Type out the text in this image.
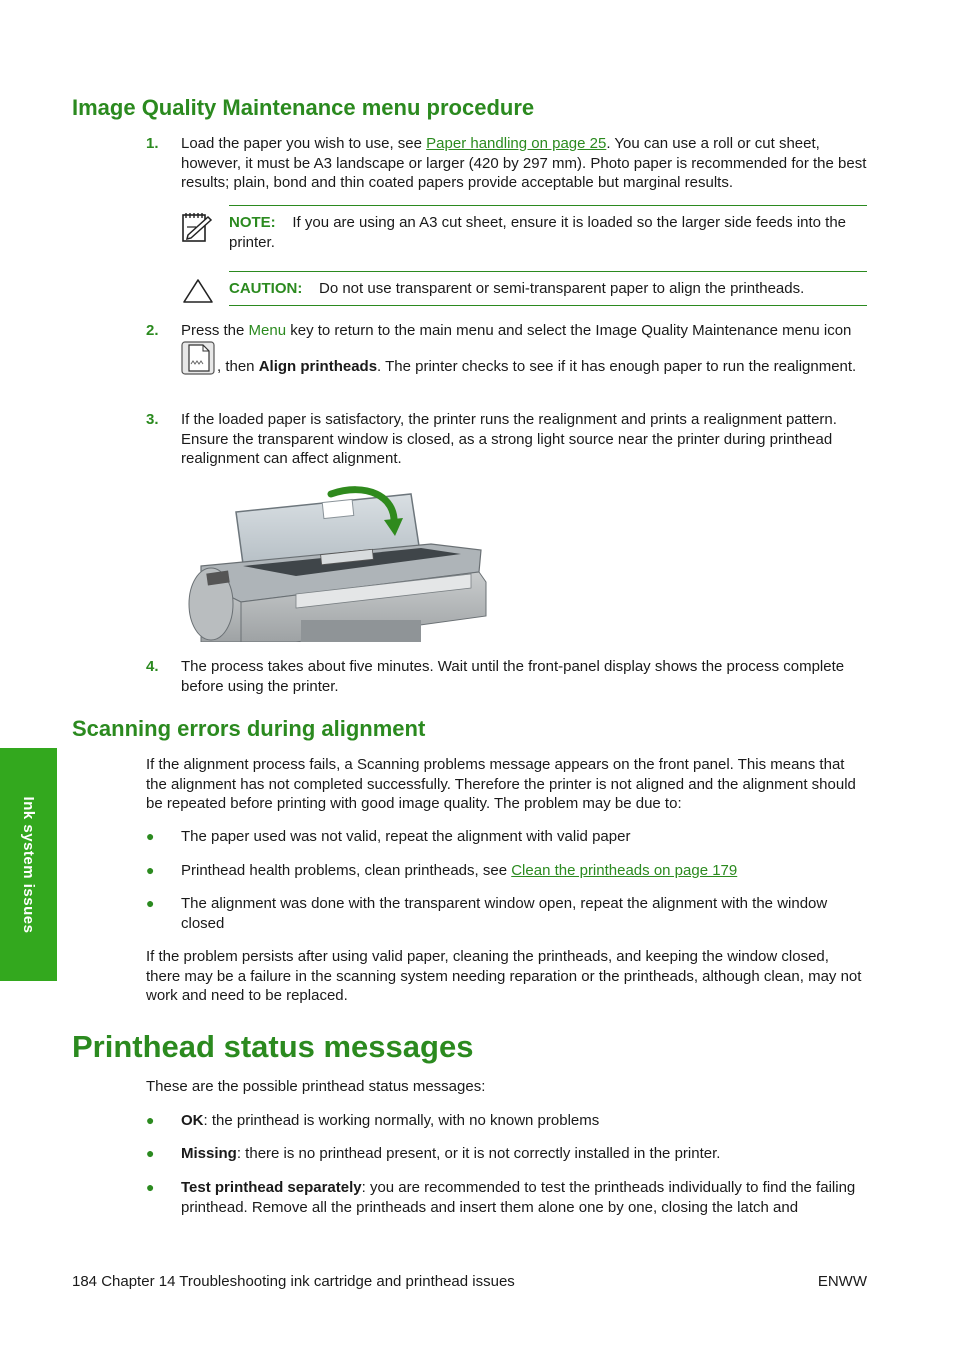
Image Quality Maintenance menu procedure
1. Load the paper you wish to use, see Paper handling on page 25. You can use a roll or cut sheet, however, it must be A3 landscape or larger (420 by 297 mm). Photo paper is recommended for the best results; plain, bond and thin coated papers provide acceptable but marginal results.
NOTE: If you are using an A3 cut sheet, ensure it is loaded so the larger side feeds into the printer.
CAUTION: Do not use transparent or semi-transparent paper to align the printheads.
2. Press the Menu key to return to the main menu and select the Image Quality Maintenance menu icon
, then Align printheads. The printer checks to see if it has enough paper to run the realignment.
3. If the loaded paper is satisfactory, the printer runs the realignment and prints a realignment pattern. Ensure the transparent window is closed, as a strong light source near the printer during printhead realignment can affect alignment.
4. The process takes about five minutes. Wait until the front-panel display shows the process complete before using the printer.
Scanning errors during alignment
If the alignment process fails, a Scanning problems message appears on the front panel. This means that the alignment has not completed successfully. Therefore the printer is not aligned and the alignment should be repeated before printing with good image quality. The problem may be due to:
● The paper used was not valid, repeat the alignment with valid paper
● Printhead health problems, clean printheads, see Clean the printheads on page 179
● The alignment was done with the transparent window open, repeat the alignment with the window closed
If the problem persists after using valid paper, cleaning the printheads, and keeping the window closed, there may be a failure in the scanning system needing reparation or the printheads, although clean, may not work and need to be replaced.
Printhead status messages
These are the possible printhead status messages:
● OK: the printhead is working normally, with no known problems
● Missing: there is no printhead present, or it is not correctly installed in the printer.
● Test printhead separately: you are recommended to test the printheads individually to find the failing printhead. Remove all the printheads and insert them alone one by one, closing the latch and
Ink system issues
184 Chapter 14 Troubleshooting ink cartridge and printhead issues	ENWW
